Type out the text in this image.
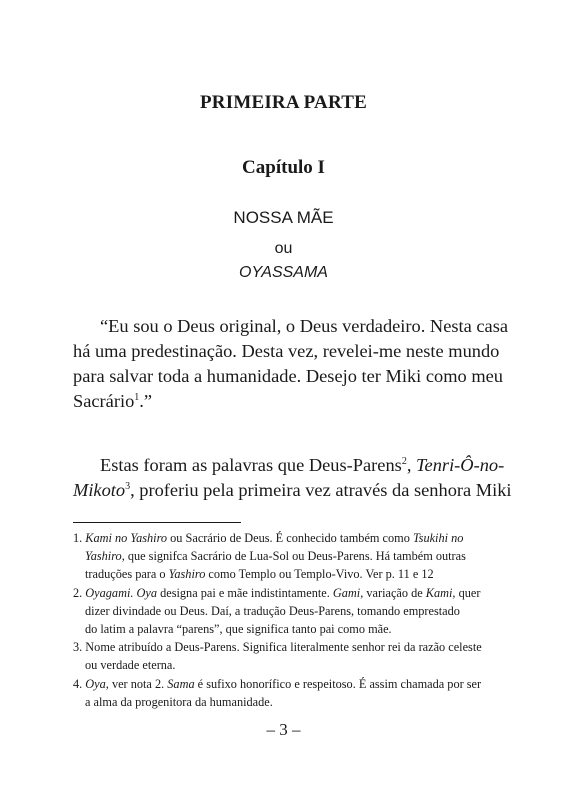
PRIMEIRA PARTE
Capítulo I
NOSSA MÃE
ou
OYASSAMA
“Eu sou o Deus original, o Deus verdadeiro. Nesta casa
há uma predestinação. Desta vez, revelei-me neste mundo
para salvar toda a humanidade. Desejo ter Miki como meu
Sacrário$^1$.”
Estas foram as palavras que Deus-Parens$^2$, Tenri-Ô-no-
Mikoto$^3$, proferiu pela primeira vez através da senhora Miki
1. Kami no Yashiro ou Sacrário de Deus. É conhecido também como Tsukihi no
Yashiro, que signifca Sacrário de Lua-Sol ou Deus-Parens. Há também outras
traduções para o Yashiro como Templo ou Templo-Vivo. Ver p. 11 e 12
2. Oyagami. Oya designa pai e mãe indistintamente. Gami, variação de Kami, quer
dizer divindade ou Deus. Daí, a tradução Deus-Parens, tomando emprestado
do latim a palavra “parens”, que significa tanto pai como mãe.
3. Nome atribuído a Deus-Parens. Significa literalmente senhor rei da razão celeste
ou verdade eterna.
4. Oya, ver nota 2. Sama é sufixo honorífico e respeitoso. É assim chamada por ser
a alma da progenitora da humanidade.
– 3 –
